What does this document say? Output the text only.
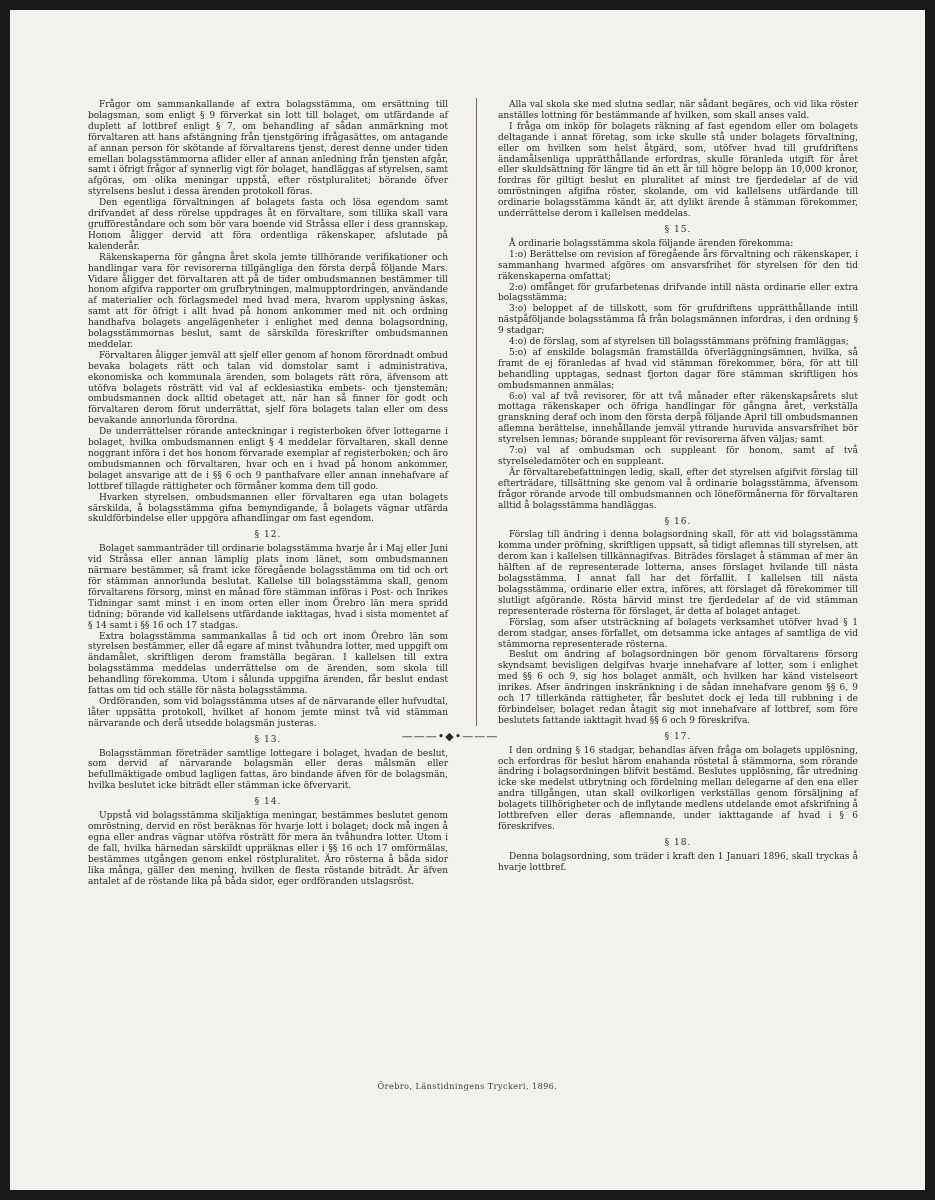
Frågor om sammankallande af extra bolagsstämma, om ersättning till bolagsman, som enligt § 9 förverkat sin lott till bolaget, om utfärdande af duplett af lottbref enligt § 7, om behandling af sådan anmärkning mot förvaltaren att hans afstängning från tjenstgöring ifrågasättes, om antagande af annan person för skötande af förvaltarens tjenst, derest denne under tiden emellan bolagsstämmorna aflider eller af annan anledning från tjensten afgår, samt i öfrigt frågor af synnerlig vigt för bolaget, handläggas af styrelsen, samt afgöras, om olika meningar uppstå, efter röstpluralitet; börande öfver styrelsens beslut i dessa ärenden protokoll föras.

Den egentliga förvaltningen af bolagets fasta och lösa egendom samt drifvandet af dess rörelse uppdrages åt en förvaltare, som tillika skall vara grufföreståndare och som bör vara boende vid Stråssa eller i dess grannskap. Honom åligger dervid att föra ordentliga räkenskaper, afslutade på kalenderår.

Räkenskaperna för gångna året skola jemte tillhörande verifikationer och handlingar vara för revisorerna tillgängliga den första derpå följande Mars. Vidare åligger det förvaltaren att på de tider ombudsmannen bestämmer till honom afgifva rapporter om grufbrytningen, malmupptordringen, användande af materialier och förlagsmedel med hvad mera, hvarom upplysning äskas, samt att för öfrigt i allt hvad på honom ankommer med nit och ordning handhafva bolagets angelägenheter i enlighet med denna bolagsordning, bolagsstämmornas beslut, samt de särskilda föreskrifter ombudsmannen meddelar.

Förvaltaren åligger jemväl att sjelf eller genom af honom förordnadt ombud bevaka bolagets rätt och talan vid domstolar samt i administrativa, ekonomiska och kommunala ärenden, som bolagets rätt röra, äfvensom att utöfva bolagets rösträtt vid val af ecklesiastika embets- och tjenstemän; ombudsmannen dock alltid obetaget att, när han så finner för godt och förvaltaren derom förut underrättat, sjelf föra bolagets talan eller om dess bevakande annorlunda förordna.

De underrättelser rörande anteckningar i registerboken öfver lottegarne i bolaget, hvilka ombudsmannen enligt § 4 meddelar förvaltaren, skall denne noggrant införa i det hos honom förvarade exemplar af registerboken; och äro ombudsmannen och förvaltaren, hvar och en i hvad på honom ankommer, bolaget ansvarige att de i §§ 6 och 9 panthafvare eller annan innehafvare af lottbref tillagde rättigheter och förmåner komma dem till godo.

Hvarken styrelsen, ombudsmannen eller förvaltaren ega utan bolagets särskilda, å bolagsstämma gifna bemyndigande, å bolagets vägnar utfärda skuldförbindelse eller uppgöra afhandlingar om fast egendom.

§ 12.

Bolaget sammanträder till ordinarie bolagsstämma hvarje år i Maj eller Juni vid Stråssa eller annan lämplig plats inom länet, som ombudsmannen närmare bestämmer, så framt icke föregående bolagsstämma om tid och ort för stämman annorlunda beslutat. Kallelse till bolagsstämma skall, genom förvaltarens försorg, minst en månad före stämman införas i Post- och Inrikes Tidningar samt minst i en inom orten eller inom Örebro län mera spridd tidning; börande vid kallelsens utfärdande iakttagas, hvad i sista momentet af § 14 samt i §§ 16 och 17 stadgas.

Extra bolagsstämma sammankallas å tid och ort inom Örebro län som styrelsen bestämmer, eller då egare af minst tvåhundra lotter, med uppgift om ändamålet, skriftligen derom framställa begäran. I kallelsen till extra bolagsstämma meddelas underrättelse om de ärenden, som skola till behandling förekomma. Utom i sålunda uppgifna ärenden, får beslut endast fattas om tid och ställe för nästa bolagsstämma.

Ordföranden, som vid bolagsstämma utses af de närvarande eller hufvudtal, låter uppsätta protokoll, hvilket af honom jemte minst två vid stämman närvarande och derå utsedde bolagsmän justeras.

§ 13.

Bolagsstämman företräder samtlige lottegare i bolaget, hvadan de beslut, som dervid af närvarande bolagsmän eller deras målsmän eller befullmäktigade ombud lagligen fattas, äro bindande äfven för de bolagsmän, hvilka beslutet icke biträdt eller stämman icke öfvervarit.

§ 14.

Uppstå vid bolagsstämma skiljaktiga meningar, bestämmes beslutet genom omröstning, dervid en röst beräknas för hvarje lott i bolaget; dock må ingen å egna eller andras vägnar utöfva rösträtt för mera än tvåhundra lotter. Utom i de fall, hvilka härnedan särskildt uppräknas eller i §§ 16 och 17 omförmälas, bestämmes utgången genom enkel röstpluralitet. Äro rösterna å båda sidor lika många, gäller den mening, hvilken de flesta röstande biträdt. Är äfven antalet af de röstande lika på båda sidor, eger ordföranden utslagsröst.

Alla val skola ske med slutna sedlar, när sådant begäres, och vid lika röster anställes lottning för bestämmande af hvilken, som skall anses vald.

I fråga om inköp för bolagets räkning af fast egendom eller om bolagets deltagande i annat företag, som icke skulle stå under bolagets förvaltning, eller om hvilken som helst åtgärd, som, utöfver hvad till grufdriftens ändamålsenliga upprätthållande erfordras, skulle föranleda utgift för året eller skuldsättning för längre tid än ett år till högre belopp än 10,000 kronor, fordras för giltigt beslut en pluralitet af minst tre fjerdedelar af de vid omröstningen afgifna röster, skolande, om vid kallelsens utfärdande till ordinarie bolagsstämma kändt är, att dylikt ärende å stämman förekommer, underrättelse derom i kallelsen meddelas.

§ 15.

Å ordinarie bolagsstämma skola följande ärenden förekomma:

1:o) Berättelse om revision af föregående års förvaltning och räkenskaper, i sammanhang hvarmed afgöres om ansvarsfrihet för styrelsen för den tid räkenskaperna omfattat;

2:o) omfånget för grufarbetenas drifvande intill nästa ordinarie eller extra bolagsstämma;

3:o) beloppet af de tillskott, som för grufdriftens upprätthållande intill nästpåföljande bolagsstämma få från bolagsmännen infordras, i den ordning § 9 stadgar;

4:o) de förslag, som af styrelsen till bolagsstämmans pröfning framläggas;

5:o) af enskilde bolagsmän framställda öfverläggningsämnen, hvilka, så framt de ej föranledas af hvad vid stämman förekommer, böra, för att till behandling upptagas, sednast fjorton dagar före stämman skriftligen hos ombudsmannen anmälas;

6:o) val af två revisorer, för att två månader efter räkenskapsårets slut mottaga räkenskaper och öfriga handlingar för gångna året, verkställa granskning deraf och inom den första derpå följande April till ombudsmannen aflemna berättelse, innehållande jemväl yttrande huruvida ansvarsfrihet bör styrelsen lemnas; börande suppleant för revisorerna äfven väljas; samt

7:o) val af ombudsman och suppleant för honom, samt af två styrelseledamöter och en suppleant.

Är förvaltarebefattningen ledig, skall, efter det styrelsen afgifvit förslag till efterträdare, tillsättning ske genom val å ordinarie bolagsstämma, äfvensom frågor rörande arvode till ombudsmannen och löneförmånerna för förvaltaren alltid å bolagsstämma handläggas.

§ 16.

Förslag till ändring i denna bolagsordning skall, för att vid bolagsstämma komma under pröfning, skriftligen uppsatt, så tidigt aflemnas till styrelsen, att derom kan i kallelsen tillkännagifvas. Biträdes förslaget å stämman af mer än hälften af de representerade lotterna, anses förslaget hvilande till nästa bolagsstämma. I annat fall har det förfallit. I kallelsen till nästa bolagsstämma, ordinarie eller extra, införes, att förslaget då förekommer till slutligt afgörande. Rösta härvid minst tre fjerdedelar af de vid stämman representerade rösterna för förslaget, är detta af bolaget antaget.

Förslag, som afser utsträckning af bolagets verksamhet utöfver hvad § 1 derom stadgar, anses förfallet, om detsamma icke antages af samtliga de vid stämmorna representerade rösterna.

Beslut om ändring af bolagsordningen bör genom förvaltarens försorg skyndsamt bevisligen delgifvas hvarje innehafvare af lotter, som i enlighet med §§ 6 och 9, sig hos bolaget anmält, och hvilken har känd vistelseort inrikes. Afser ändringen inskränkning i de sådan innehafvare genom §§ 6, 9 och 17 tillerkända rättigheter, får beslutet dock ej leda till rubbning i de förbindelser, bolaget redan åtagit sig mot innehafvare af lottbref, som före beslutets fattande iakttagit hvad §§ 6 och 9 föreskrifva.

§ 17.

I den ordning § 16 stadgar, behandlas äfven fråga om bolagets upplösning, och erfordras för beslut härom enahanda röstetal å stämmorna, som rörande ändring i bolagsordningen blifvit bestämd. Beslutes upplösning, får utredning icke ske medelst utbrytning och fördelning mellan delegarne af den ena eller andra tillgången, utan skall ovilkorligen verkställas genom försäljning af bolagets tillhörigheter och de inflytande medlens utdelande emot afskrifning å lottbrefven eller deras aflemnande, under iakttagande af hvad i § 6 föreskrifves.

§ 18.

Denna bolagsordning, som träder i kraft den 1 Januari 1896, skall tryckas å hvarje lottbref.

———•◆•———
Örebro, Länstidningens Tryckeri, 1896.
